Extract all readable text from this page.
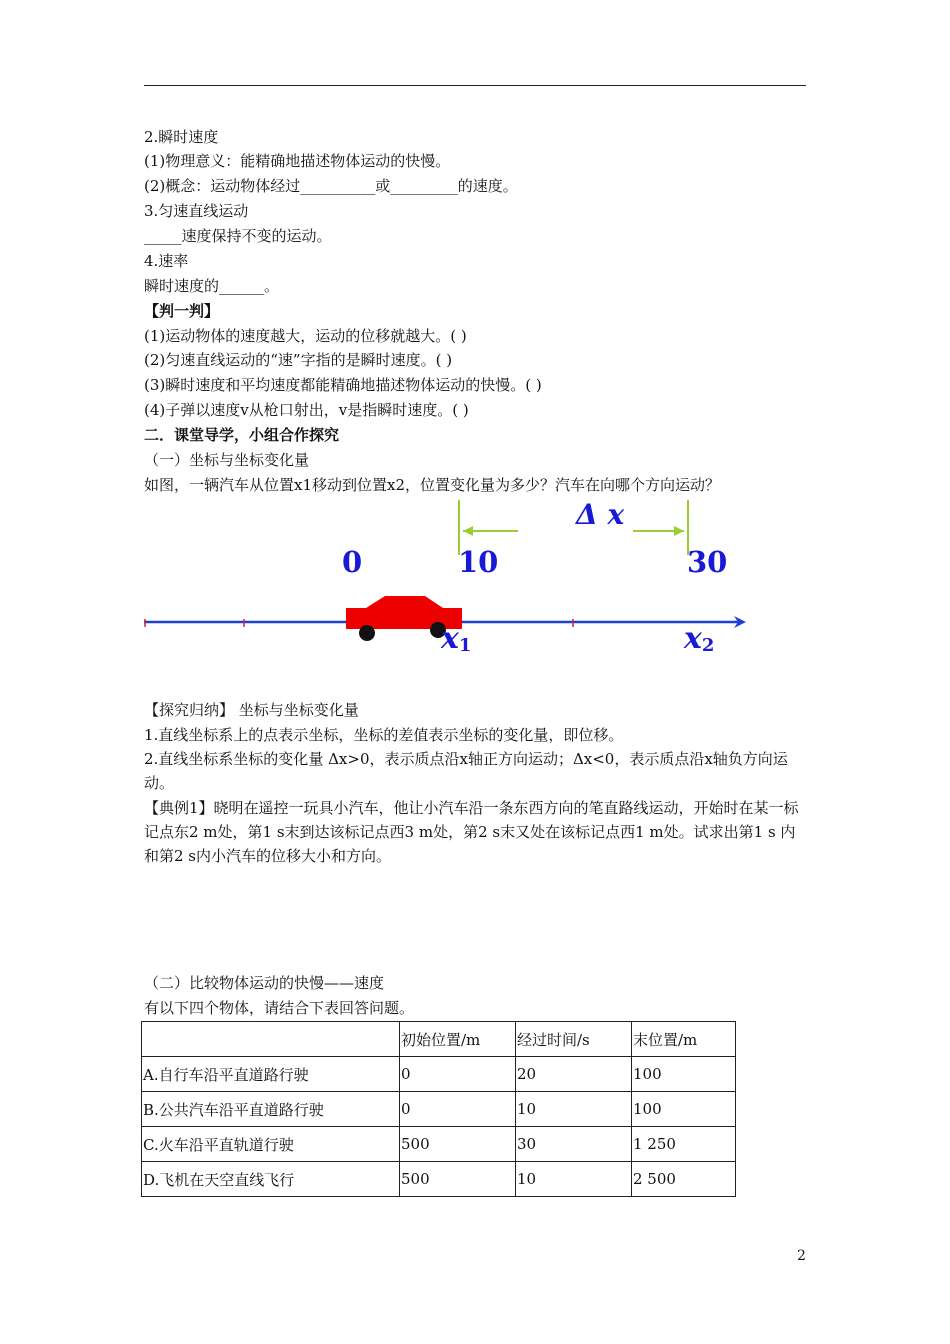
2.瞬时速度
(1)物理意义：能精确地描述物体运动的快慢。
(2)概念：运动物体经过__________或_________的速度。
3.匀速直线运动
_____速度保持不变的运动。
4.速率
瞬时速度的______。
【判一判】
(1)运动物体的速度越大，运动的位移就越大。( )
(2)匀速直线运动的“速”字指的是瞬时速度。( )
(3)瞬时速度和平均速度都能精确地描述物体运动的快慢。( )
(4)子弹以速度v从枪口射出，v是指瞬时速度。( )
二．课堂导学，小组合作探究
（一）坐标与坐标变化量
如图，一辆汽车从位置x1移动到位置x2，位置变化量为多少？汽车在向哪个方向运动？
Δ x
0	10	30
x1	x2
【探究归纳】 坐标与坐标变化量
1.直线坐标系上的点表示坐标，坐标的差值表示坐标的变化量，即位移。
2.直线坐标系坐标的变化量 Δx>0，表示质点沿x轴正方向运动；Δx<0，表示质点沿x轴负方向运动。
【典例1】晓明在遥控一玩具小汽车，他让小汽车沿一条东西方向的笔直路线运动，开始时在某一标记点东2 m处，第1 s末到达该标记点西3 m处，第2 s末又处在该标记点西1 m处。试求出第1 s 内和第2 s内小汽车的位移大小和方向。
（二）比较物体运动的快慢——速度
有以下四个物体，请结合下表回答问题。
	初始位置/m	经过时间/s	末位置/m
A.自行车沿平直道路行驶	0	20	100
B.公共汽车沿平直道路行驶	0	10	100
C.火车沿平直轨道行驶	500	30	1 250
D.飞机在天空直线飞行	500	10	2 500
2
